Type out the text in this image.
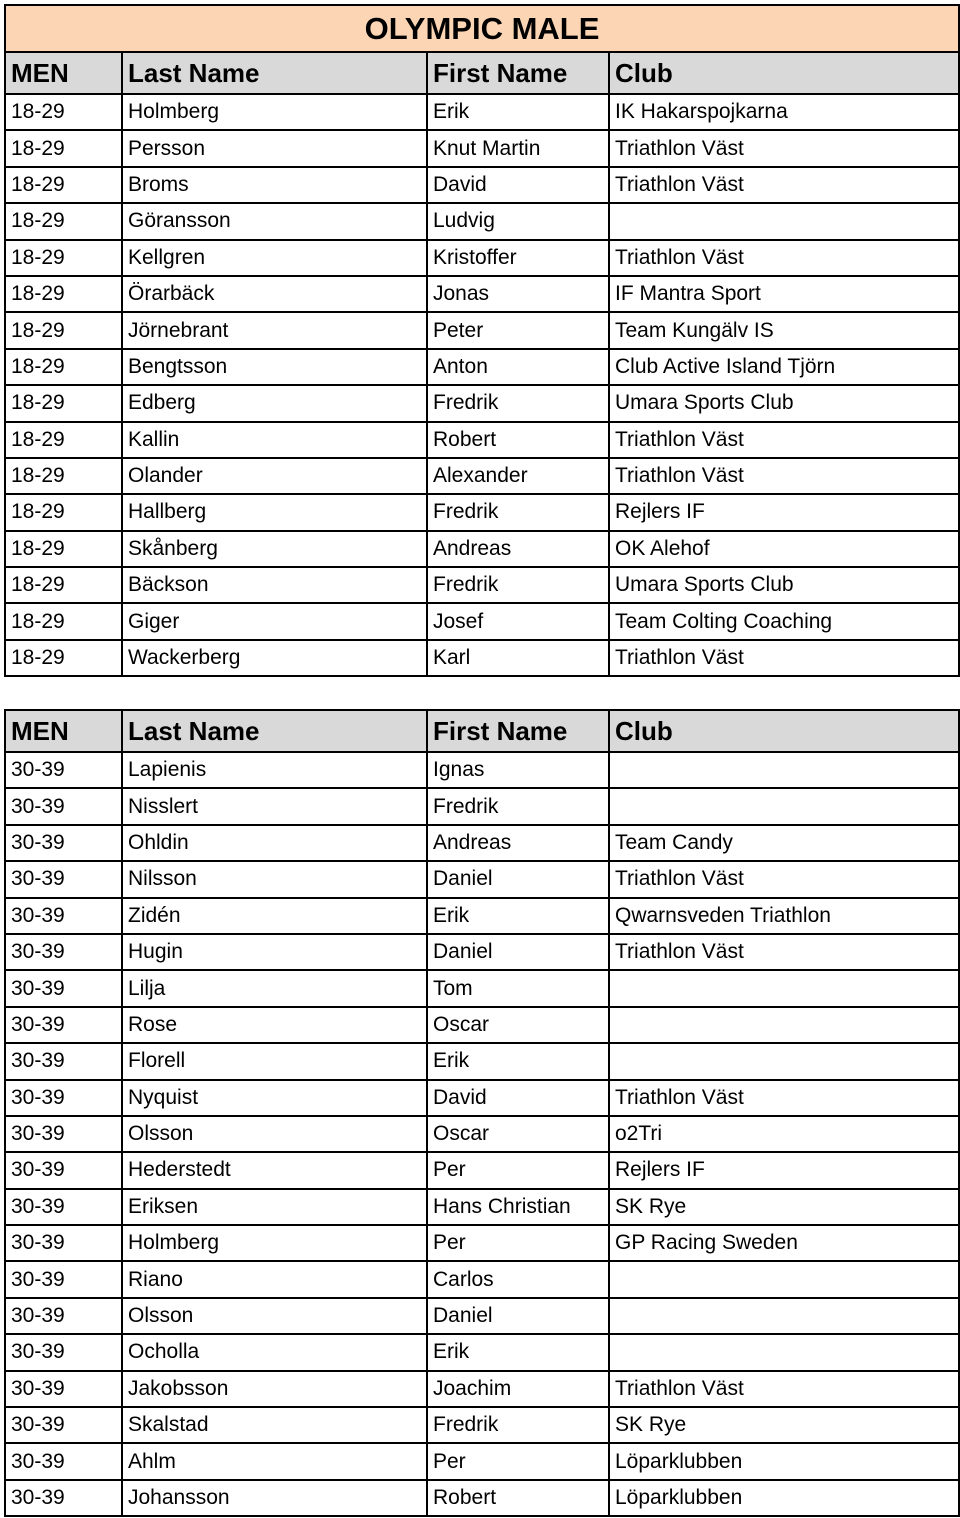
OLYMPIC MALE			
MEN	Last Name	First Name	Club
18-29	Holmberg	Erik	IK Hakarspojkarna
18-29	Persson	Knut Martin	Triathlon Väst
18-29	Broms	David	Triathlon Väst
18-29	Göransson	Ludvig	
18-29	Kellgren	Kristoffer	Triathlon Väst
18-29	Örarbäck	Jonas	IF Mantra Sport
18-29	Jörnebrant	Peter	Team Kungälv IS
18-29	Bengtsson	Anton	Club Active Island Tjörn
18-29	Edberg	Fredrik	Umara Sports Club
18-29	Kallin	Robert	Triathlon Väst
18-29	Olander	Alexander	Triathlon Väst
18-29	Hallberg	Fredrik	Rejlers IF
18-29	Skånberg	Andreas	OK Alehof
18-29	Bäckson	Fredrik	Umara Sports Club
18-29	Giger	Josef	Team Colting Coaching
18-29	Wackerberg	Karl	Triathlon Väst
MEN	Last Name	First Name	Club
30-39	Lapienis	Ignas	
30-39	Nisslert	Fredrik	
30-39	Ohldin	Andreas	Team Candy
30-39	Nilsson	Daniel	Triathlon Väst
30-39	Zidén	Erik	Qwarnsveden Triathlon
30-39	Hugin	Daniel	Triathlon Väst
30-39	Lilja	Tom	
30-39	Rose	Oscar	
30-39	Florell	Erik	
30-39	Nyquist	David	Triathlon Väst
30-39	Olsson	Oscar	o2Tri
30-39	Hederstedt	Per	Rejlers IF
30-39	Eriksen	Hans Christian	SK Rye
30-39	Holmberg	Per	GP Racing Sweden
30-39	Riano	Carlos	
30-39	Olsson	Daniel	
30-39	Ocholla	Erik	
30-39	Jakobsson	Joachim	Triathlon Väst
30-39	Skalstad	Fredrik	SK Rye
30-39	Ahlm	Per	Löparklubben
30-39	Johansson	Robert	Löparklubben
